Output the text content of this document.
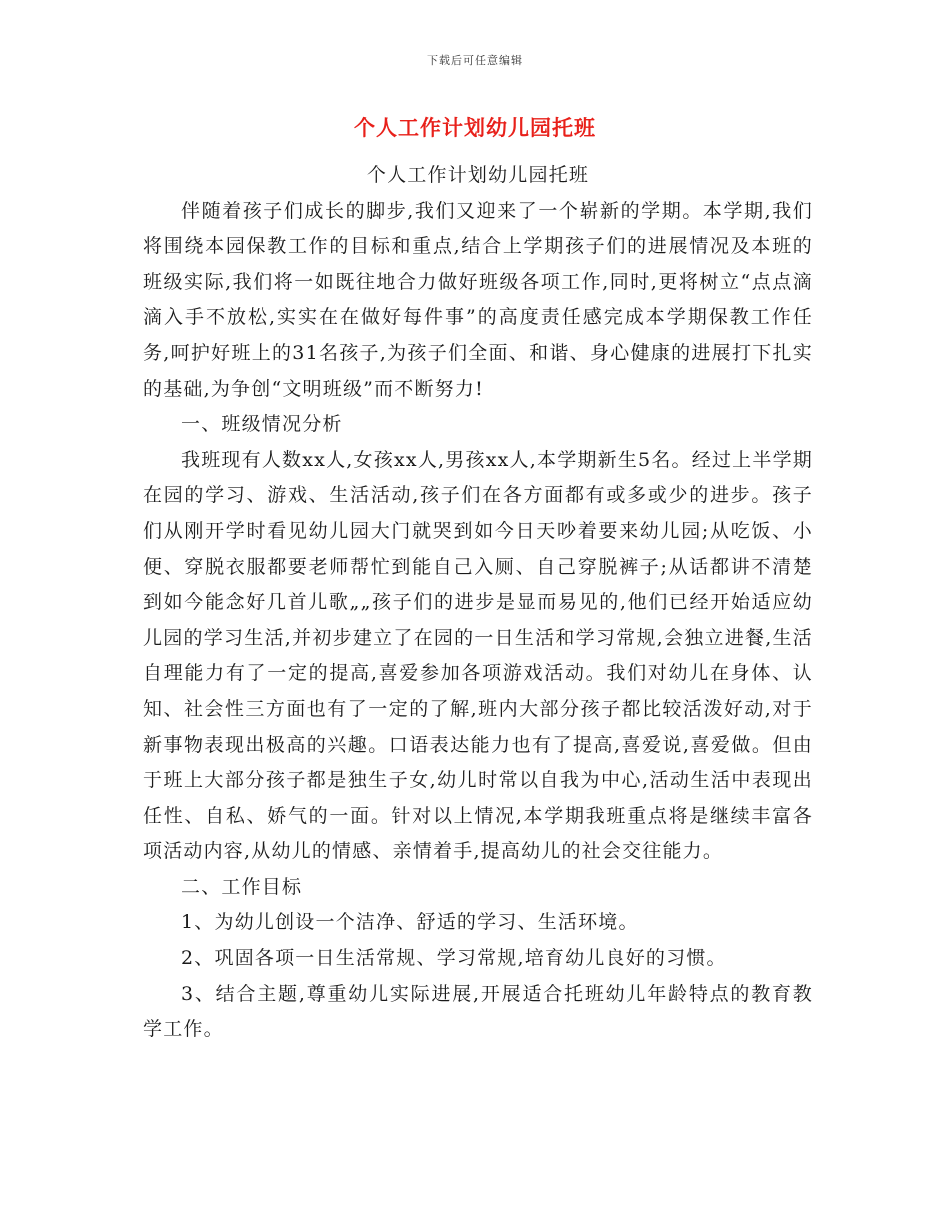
下载后可任意编辑
个人工作计划幼儿园托班

个人工作计划幼儿园托班

伴随着孩子们成长的脚步,我们又迎来了一个崭新的学期。本学期,我们将围绕本园保教工作的目标和重点,结合上学期孩子们的进展情况及本班的班级实际,我们将一如既往地合力做好班级各项工作,同时,更将树立“点点滴滴入手不放松,实实在在做好每件事”的高度责任感完成本学期保教工作任务,呵护好班上的31名孩子,为孩子们全面、和谐、身心健康的进展打下扎实的基础,为争创“文明班级”而不断努力!

一、班级情况分析

我班现有人数xx人,女孩xx人,男孩xx人,本学期新生5名。经过上半学期在园的学习、游戏、生活活动,孩子们在各方面都有或多或少的进步。孩子们从刚开学时看见幼儿园大门就哭到如今日天吵着要来幼儿园;从吃饭、小便、穿脱衣服都要老师帮忙到能自己入厕、自己穿脱裤子;从话都讲不清楚到如今能念好几首儿歌„„孩子们的进步是显而易见的,他们已经开始适应幼儿园的学习生活,并初步建立了在园的一日生活和学习常规,会独立进餐,生活自理能力有了一定的提高,喜爱参加各项游戏活动。我们对幼儿在身体、认知、社会性三方面也有了一定的了解,班内大部分孩子都比较活泼好动,对于新事物表现出极高的兴趣。口语表达能力也有了提高,喜爱说,喜爱做。但由于班上大部分孩子都是独生子女,幼儿时常以自我为中心,活动生活中表现出任性、自私、娇气的一面。针对以上情况,本学期我班重点将是继续丰富各项活动内容,从幼儿的情感、亲情着手,提高幼儿的社会交往能力。

二、工作目标

1、为幼儿创设一个洁净、舒适的学习、生活环境。

2、巩固各项一日生活常规、学习常规,培育幼儿良好的习惯。

3、结合主题,尊重幼儿实际进展,开展适合托班幼儿年龄特点的教育教学工作。
